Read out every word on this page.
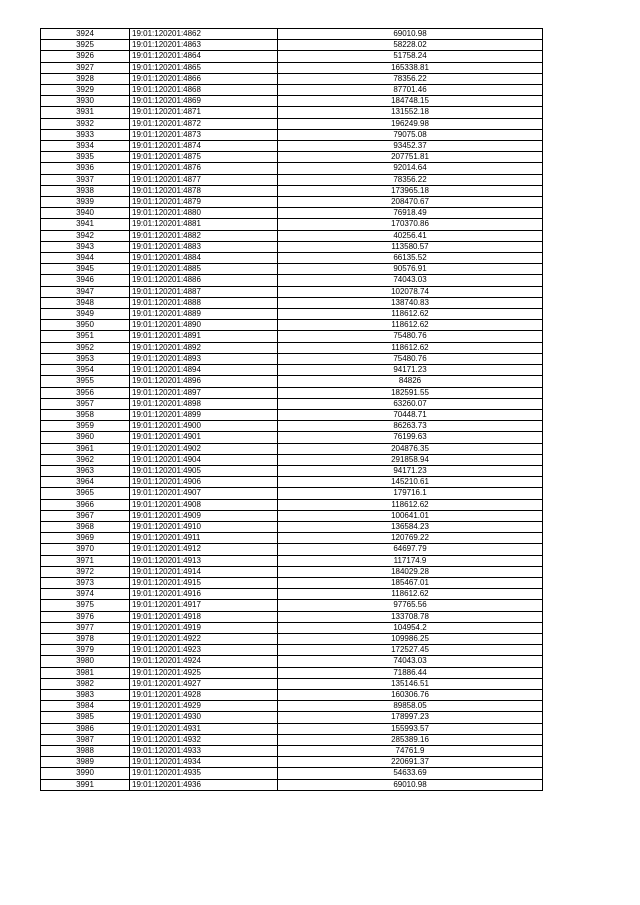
3924	19:01:120201:4862	69010.98
3925	19:01:120201:4863	58228.02
3926	19:01:120201:4864	51758.24
3927	19:01:120201:4865	165338.81
3928	19:01:120201:4866	78356.22
3929	19:01:120201:4868	87701.46
3930	19:01:120201:4869	184748.15
3931	19:01:120201:4871	131552.18
3932	19:01:120201:4872	196249.98
3933	19:01:120201:4873	79075.08
3934	19:01:120201:4874	93452.37
3935	19:01:120201:4875	207751.81
3936	19:01:120201:4876	92014.64
3937	19:01:120201:4877	78356.22
3938	19:01:120201:4878	173965.18
3939	19:01:120201:4879	208470.67
3940	19:01:120201:4880	76918.49
3941	19:01:120201:4881	170370.86
3942	19:01:120201:4882	40256.41
3943	19:01:120201:4883	113580.57
3944	19:01:120201:4884	66135.52
3945	19:01:120201:4885	90576.91
3946	19:01:120201:4886	74043.03
3947	19:01:120201:4887	102078.74
3948	19:01:120201:4888	138740.83
3949	19:01:120201:4889	118612.62
3950	19:01:120201:4890	118612.62
3951	19:01:120201:4891	75480.76
3952	19:01:120201:4892	118612.62
3953	19:01:120201:4893	75480.76
3954	19:01:120201:4894	94171.23
3955	19:01:120201:4896	84826
3956	19:01:120201:4897	182591.55
3957	19:01:120201:4898	63260.07
3958	19:01:120201:4899	70448.71
3959	19:01:120201:4900	86263.73
3960	19:01:120201:4901	76199.63
3961	19:01:120201:4902	204876.35
3962	19:01:120201:4904	291858.94
3963	19:01:120201:4905	94171.23
3964	19:01:120201:4906	145210.61
3965	19:01:120201:4907	179716.1
3966	19:01:120201:4908	118612.62
3967	19:01:120201:4909	100641.01
3968	19:01:120201:4910	136584.23
3969	19:01:120201:4911	120769.22
3970	19:01:120201:4912	64697.79
3971	19:01:120201:4913	117174.9
3972	19:01:120201:4914	184029.28
3973	19:01:120201:4915	185467.01
3974	19:01:120201:4916	118612.62
3975	19:01:120201:4917	97765.56
3976	19:01:120201:4918	133708.78
3977	19:01:120201:4919	104954.2
3978	19:01:120201:4922	109986.25
3979	19:01:120201:4923	172527.45
3980	19:01:120201:4924	74043.03
3981	19:01:120201:4925	71886.44
3982	19:01:120201:4927	135146.51
3983	19:01:120201:4928	160306.76
3984	19:01:120201:4929	89858.05
3985	19:01:120201:4930	178997.23
3986	19:01:120201:4931	155993.57
3987	19:01:120201:4932	285389.16
3988	19:01:120201:4933	74761.9
3989	19:01:120201:4934	220691.37
3990	19:01:120201:4935	54633.69
3991	19:01:120201:4936	69010.98
